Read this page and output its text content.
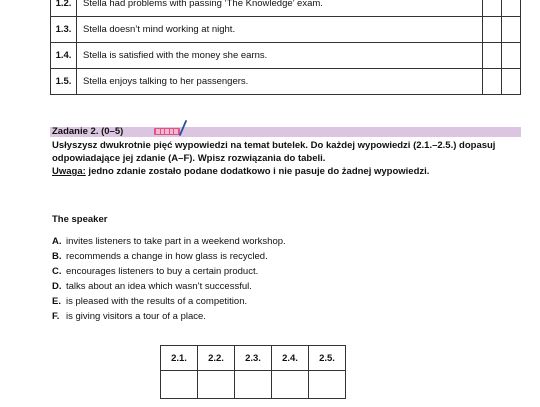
1.2.	Stella had problems with passing ‘The Knowledge’ exam.		
1.3.	Stella doesn’t mind working at night.		
1.4.	Stella is satisfied with the money she earns.		
1.5.	Stella enjoys talking to her passengers.		
Zadanie 2. (0–5)
Usłyszysz dwukrotnie pięć wypowiedzi na temat butelek. Do każdej wypowiedzi (2.1.–2.5.) dopasuj odpowiadające jej zdanie (A–F). Wpisz rozwiązania do tabeli.
Uwaga: jedno zdanie zostało podane dodatkowo i nie pasuje do żadnej wypowiedzi.
The speaker
A. invites listeners to take part in a weekend workshop.
B. recommends a change in how glass is recycled.
C. encourages listeners to buy a certain product.
D. talks about an idea which wasn’t successful.
E. is pleased with the results of a competition.
F. is giving visitors a tour of a place.
2.1.	2.2.	2.3.	2.4.	2.5.
